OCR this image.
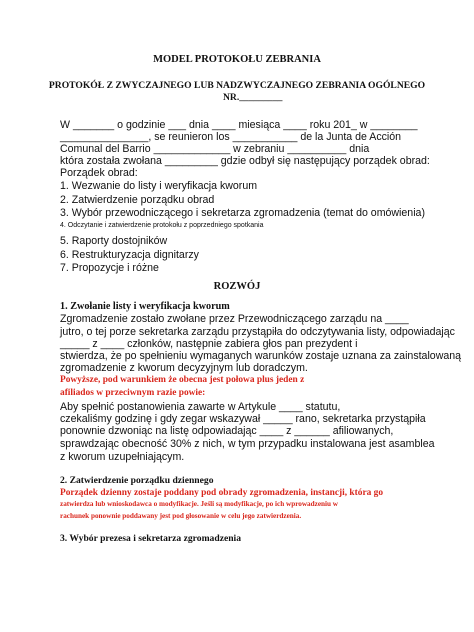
MODEL PROTOKOŁU ZEBRANIA
PROTOKÓŁ Z ZWYCZAJNEGO LUB NADZWYCZAJNEGO ZEBRANIA OGÓLNEGO
NR._________
W _______ o godzinie ___ dnia ____ miesiąca ____ roku 201_ w ________
_______________, se reunieron los ___________ de la Junta de Acción
Comunal del Barrio _____________ w zebraniu __________ dnia
która została zwołana _________ gdzie odbył się następujący porządek obrad:
Porządek obrad:
1. Wezwanie do listy i weryfikacja kworum
2. Zatwierdzenie porządku obrad
3. Wybór przewodniczącego i sekretarza zgromadzenia (temat do omówienia)
4. Odczytanie i zatwierdzenie protokołu z poprzedniego spotkania
5. Raporty dostojników
6. Restrukturyzacja dignitarzy
7. Propozycje i różne
ROZWÓJ
1. Zwołanie listy i weryfikacja kworum
Zgromadzenie zostało zwołane przez Przewodniczącego zarządu na ____
jutro, o tej porze sekretarka zarządu przystąpiła do odczytywania listy, odpowiadając
_____ z ____ członków, następnie zabiera głos pan prezydent i
stwierdza, że po spełnieniu wymaganych warunków zostaje uznana za zainstalowaną
zgromadzenie z kworum decyzyjnym lub doradczym.
Powyższe, pod warunkiem że obecna jest połowa plus jeden z
afiliados w przeciwnym razie powie:
Aby spełnić postanowienia zawarte w Artykule ____ statutu,
czekaliśmy godzinę i gdy zegar wskazywał _____ rano, sekretarka przystąpiła
ponownie dzwoniąc na listę odpowiadając ____ z ______ afiliowanych,
sprawdzając obecność 30% z nich, w tym przypadku instalowana jest asamblea
z kworum uzupełniającym.
2. Zatwierdzenie porządku dziennego
Porządek dzienny zostaje poddany pod obrady zgromadzenia, instancji, która go
zatwierdza lub wnioskodawca o modyfikacje. Jeśli są modyfikacje, po ich wprowadzeniu w
rachunek ponownie poddawany jest pod głosowanie w celu jego zatwierdzenia.
3. Wybór prezesa i sekretarza zgromadzenia
